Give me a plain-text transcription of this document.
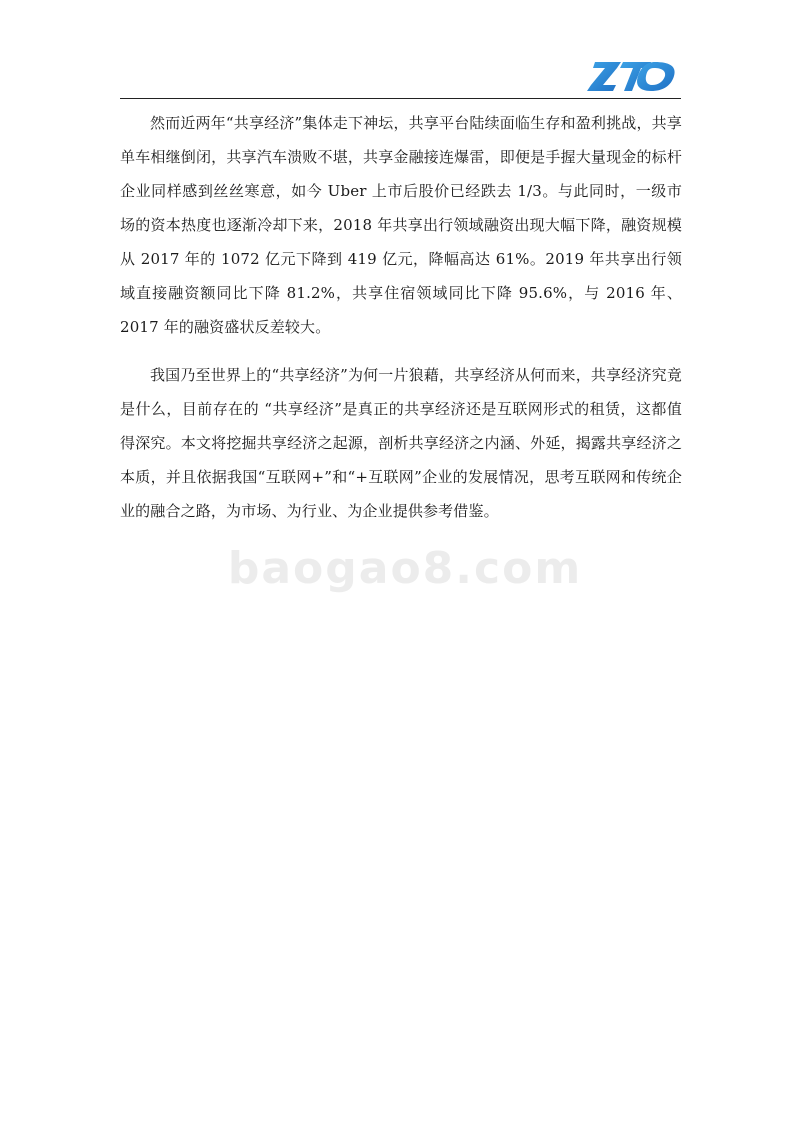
然而近两年“共享经济”集体走下神坛，共享平台陆续面临生存和盈利挑战，共享单车相继倒闭，共享汽车溃败不堪，共享金融接连爆雷，即便是手握大量现金的标杆企业同样感到丝丝寒意，如今 Uber 上市后股价已经跌去 1/3。与此同时，一级市场的资本热度也逐渐冷却下来，2018 年共享出行领域融资出现大幅下降，融资规模从 2017 年的 1072 亿元下降到 419 亿元，降幅高达 61%。2019 年共享出行领域直接融资额同比下降 81.2%，共享住宿领域同比下降 95.6%，与 2016 年、2017 年的融资盛状反差较大。

我国乃至世界上的“共享经济”为何一片狼藉，共享经济从何而来，共享经济究竟是什么，目前存在的 “共享经济”是真正的共享经济还是互联网形式的租赁，这都值得深究。本文将挖掘共享经济之起源，剖析共享经济之内涵、外延，揭露共享经济之本质，并且依据我国“互联网+”和“+互联网”企业的发展情况，思考互联网和传统企业的融合之路，为市场、为行业、为企业提供参考借鉴。

baogao8.com
